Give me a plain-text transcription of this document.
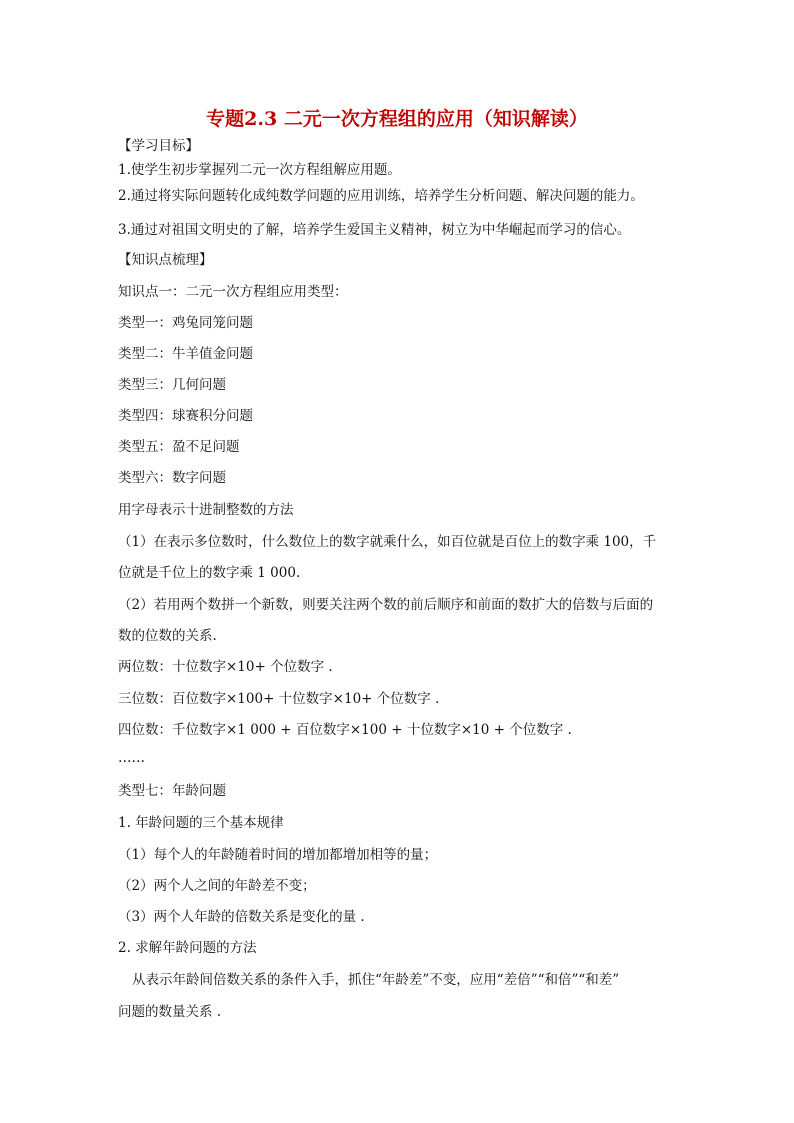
专题2.3 二元一次方程组的应用（知识解读）
【学习目标】
1.使学生初步掌握列二元一次方程组解应用题。
2.通过将实际问题转化成纯数学问题的应用训练，培养学生分析问题、解决问题的能力。
3.通过对祖国文明史的了解，培养学生爱国主义精神，树立为中华崛起而学习的信心。
【知识点梳理】
知识点一：二元一次方程组应用类型：
类型一：鸡兔同笼问题
类型二：牛羊值金问题
类型三：几何问题
类型四：球赛积分问题
类型五：盈不足问题
类型六：数字问题
用字母表示十进制整数的方法
（1）在表示多位数时，什么数位上的数字就乘什么，如百位就是百位上的数字乘 100，千
位就是千位上的数字乘 1 000.
（2）若用两个数拼一个新数，则要关注两个数的前后顺序和前面的数扩大的倍数与后面的
数的位数的关系.
两位数：十位数字×10+ 个位数字 .
三位数：百位数字×100+ 十位数字×10+ 个位数字 .
四位数：千位数字×1 000 + 百位数字×100 + 十位数字×10 + 个位数字 .
……
类型七：年龄问题
1. 年龄问题的三个基本规律
（1）每个人的年龄随着时间的增加都增加相等的量；
（2）两个人之间的年龄差不变；
（3）两个人年龄的倍数关系是变化的量 .
2. 求解年龄问题的方法
从表示年龄间倍数关系的条件入手，抓住“年龄差”不变，应用“差倍”“和倍”“和差”
问题的数量关系 .
